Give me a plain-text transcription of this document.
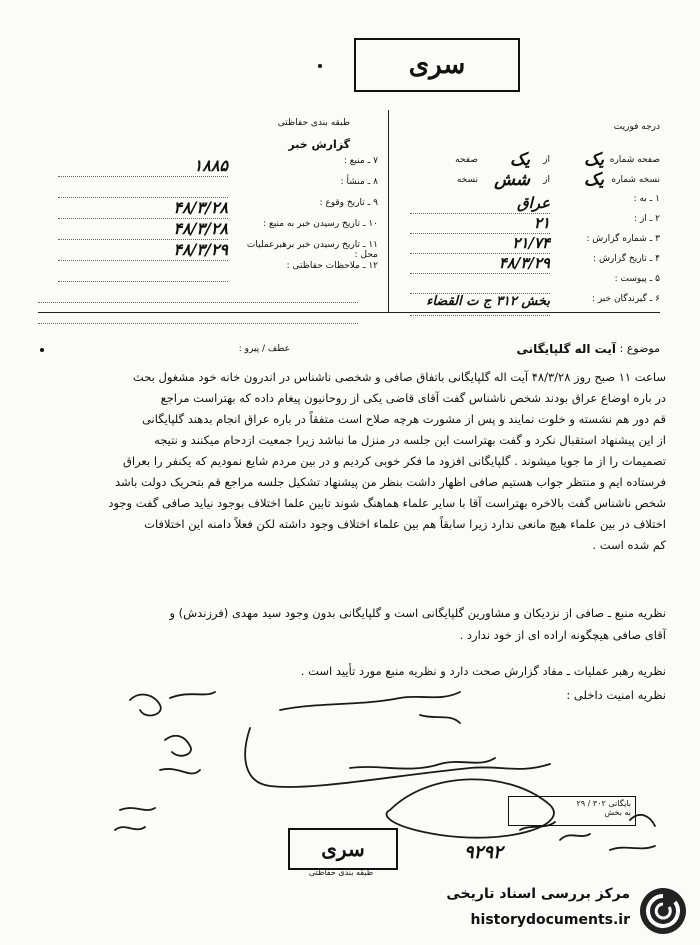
سری
طبقه بندی حفاظتی
گزارش خبر
۷ ـ منبع :
۱۸۸۵
۸ ـ منشأ :
۹ ـ تاریخ وقوع :
۴۸/۳/۲۸
۱۰ ـ تاریخ رسیدن خبر به منبع :
۴۸/۳/۲۸
۱۱ ـ تاریخ رسیدن خبر برهبرعملیات محل :
۴۸/۳/۲۹
۱۲ ـ ملاحظات حفاظتی :
درجه فوریت
صفحه شماره
یک
از
یک
صفحه
نسخه شماره
یک
از
شش
نسخه
۱ ـ به :
عراق
۲ ـ از :
۲۱
۳ ـ شماره گزارش :
۲۱/۷۴
۴ ـ تاریخ گزارش :
۴۸/۳/۲۹
۵ ـ پیوست :
۶ ـ گیرندگان خبر :
بخش ۳۱۲ ج ت القضاء
موضوع :
آیت اله گلپایگانی
عطف / پیرو :
ساعت ۱۱ صبح روز ۴۸/۳/۲۸ آیت اله گلپایگانی باتفاق صافی و شخصی ناشناس در اندرون خانه خود مشغول بحث
در باره اوضاع عراق بودند شخص ناشناس گفت آقای قاضی یکی از روحانیون پیغام داده که بهتراست مراجع
قم دور هم نشسته و خلوت نمایند و پس از مشورت هرچه صلاح است متفقاً در باره عراق انجام بدهند گلپایگانی
از این پیشنهاد استقبال نکرد و گفت بهتراست این جلسه در منزل ما نباشد زیرا جمعیت ازدحام میکنند و نتیجه
تصمیمات را از ما جویا میشوند . گلپایگانی افزود ما فکر خوبی کردیم و در بین مردم شایع نمودیم که یکنفر را بعراق
فرستاده ایم و منتظر جواب هستیم صافی اظهار داشت بنظر من پیشنهاد تشکیل جلسه مراجع قم بتحریک دولت باشد
شخص ناشناس گفت بالاخره بهتراست آقا با سایر علماء هماهنگ شوند تابین علما اختلاف بوجود نیاید صافی گفت وجود
اختلاف در بین علماء هیچ مانعی ندارد زیرا سابقاً هم بین علماء اختلاف وجود داشته لکن فعلاً دامنه این اختلافات
کم شده است .
نظریه منبع ـ صافی از نزدیکان و مشاورین گلپایگانی است و گلپایگانی بدون وجود سید مهدی (فرزندش) و
آقای صافی هیچگونه اراده ای از خود ندارد .
نظریه رهبر عملیات ـ مفاد گزارش صحت دارد و نظریه منبع مورد تأیید است .
نظریه امنیت داخلی :
بایگانی ۳۰۲ / ۲۹
به بخش
۹۲۹۲
سری
طبقه بندی حفاظتی
مرکز بررسی اسناد تاریخی
historydocuments.ir
